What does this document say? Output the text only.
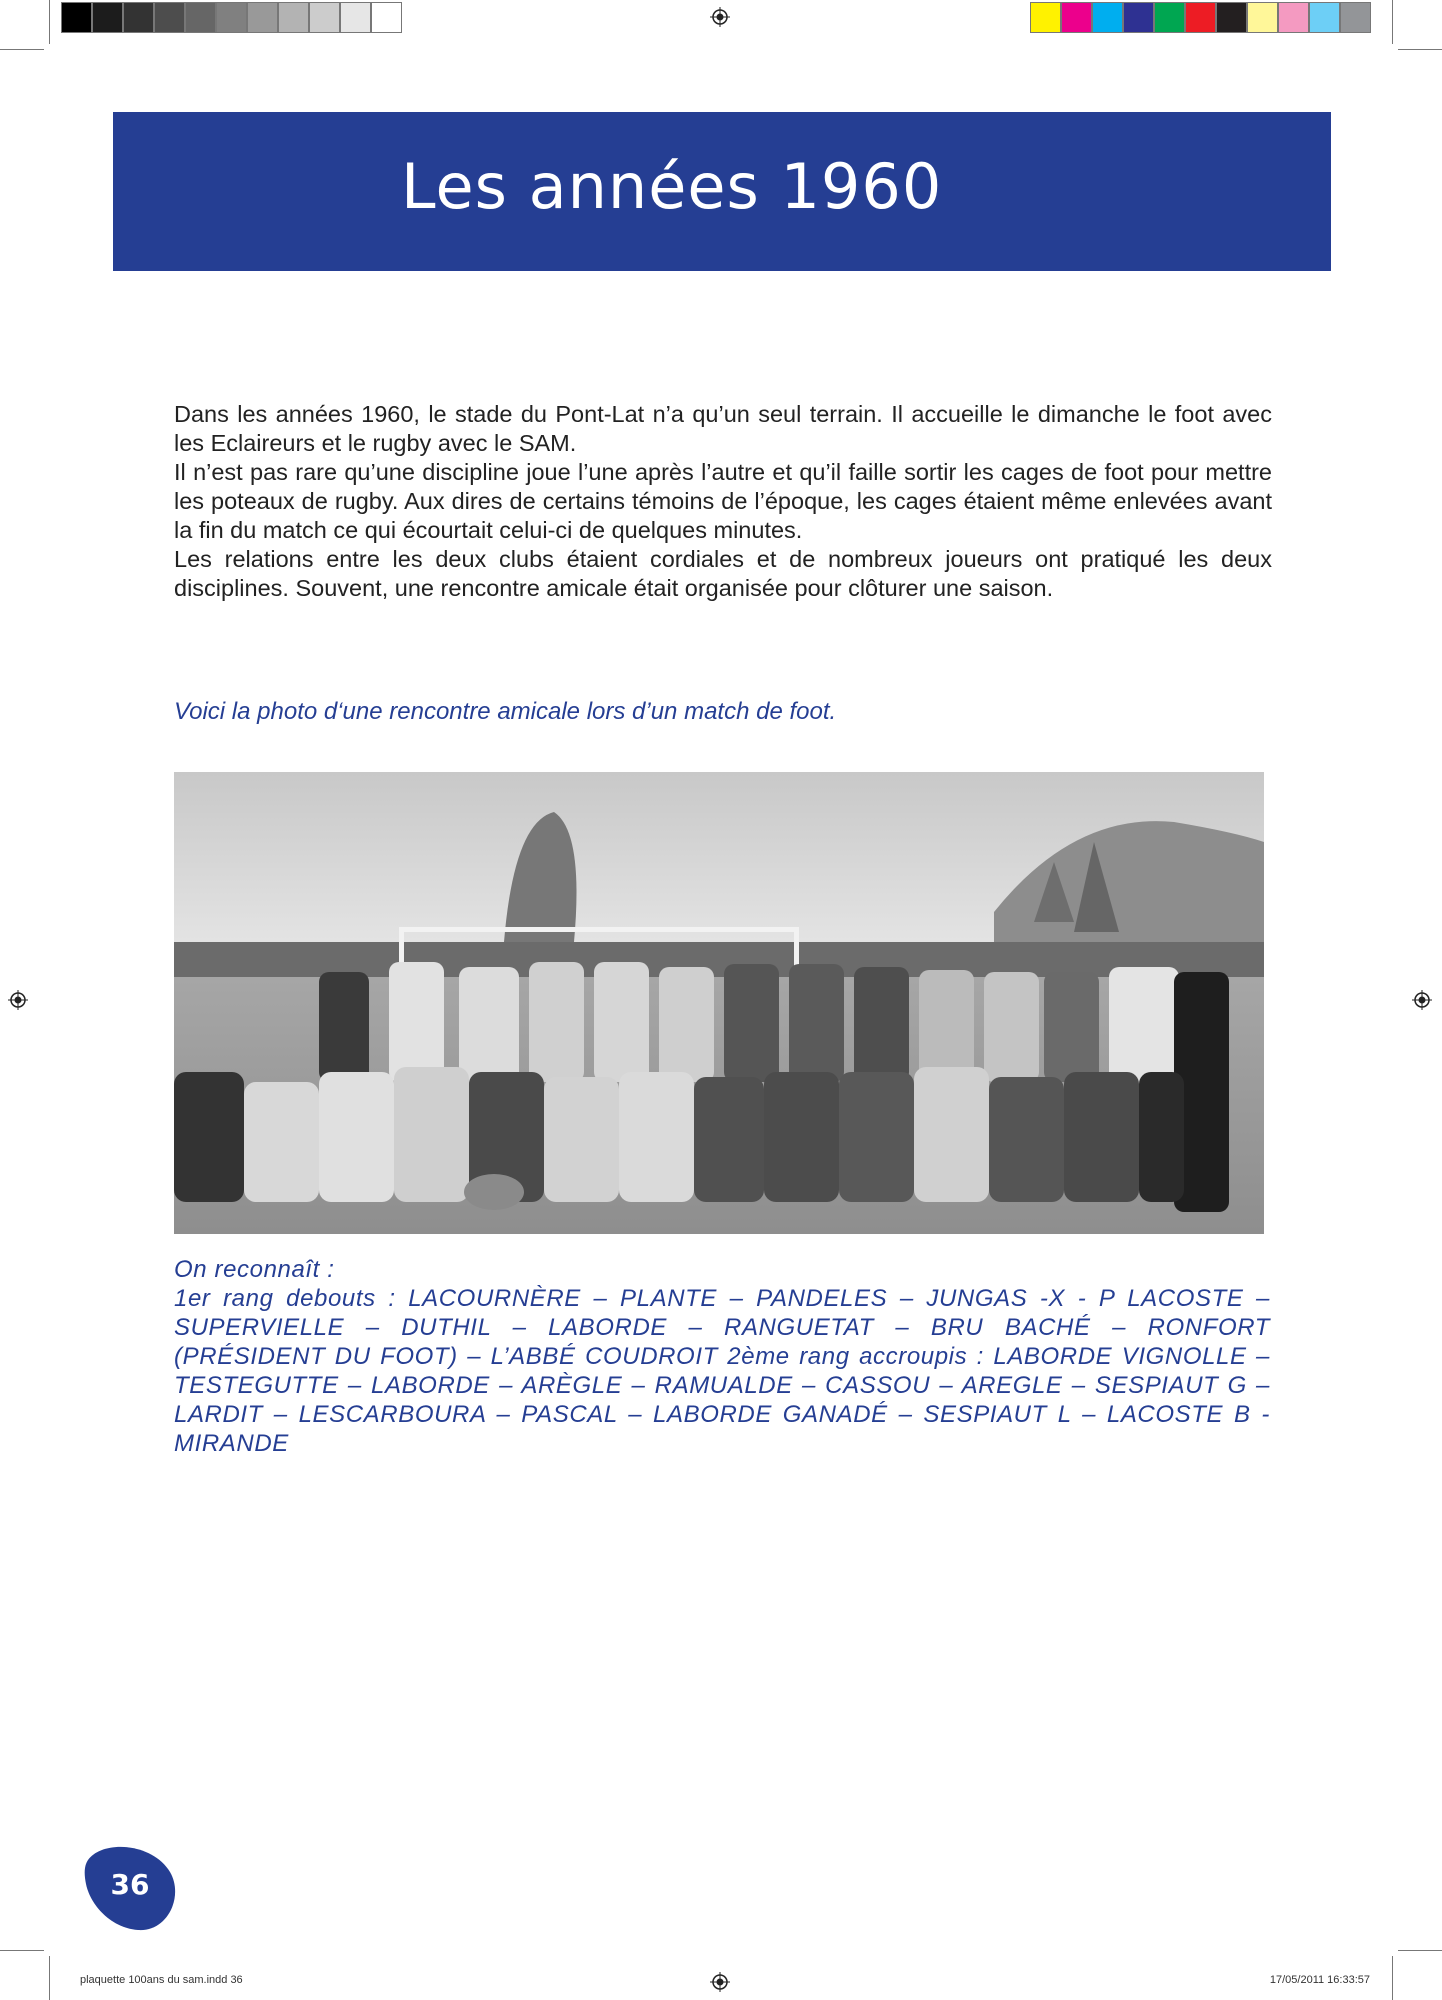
Les années 1960

Dans les années 1960, le stade du Pont-Lat n’a qu’un seul terrain. Il accueille le dimanche le foot avec les Eclaireurs et le rugby avec le SAM.

Il n’est pas rare qu’une discipline joue l’une après l’autre et qu’il faille sortir les cages de foot pour mettre les poteaux de rugby. Aux dires de certains témoins de l’époque, les cages étaient même enlevées avant la fin du match ce qui écourtait celui-ci de quelques minutes.

Les relations entre les deux clubs étaient cordiales et de nombreux joueurs ont pratiqué les deux disciplines. Souvent, une rencontre amicale était organisée pour clôturer une saison.

Voici la photo d‘une rencontre amicale lors d’un match de foot.

On reconnaît :
1er rang debouts : LACOURNÈRE – PLANTE – PANDELES – JUNGAS -X - P LACOSTE – SUPERVIELLE – DUTHIL – LABORDE – RANGUETAT – BRU BACHÉ – RONFORT (PRÉSIDENT DU FOOT) – L’ABBÉ COUDROIT 2ème rang accroupis : LABORDE VIGNOLLE – TESTEGUTTE – LABORDE – ARÈGLE – RAMUALDE – CASSOU – AREGLE – SESPIAUT G – LARDIT – LESCARBOURA – PASCAL – LABORDE GANADÉ – SESPIAUT L – LACOSTE B - MIRANDE
36
plaquette 100ans du sam.indd 36	17/05/2011 16:33:57
